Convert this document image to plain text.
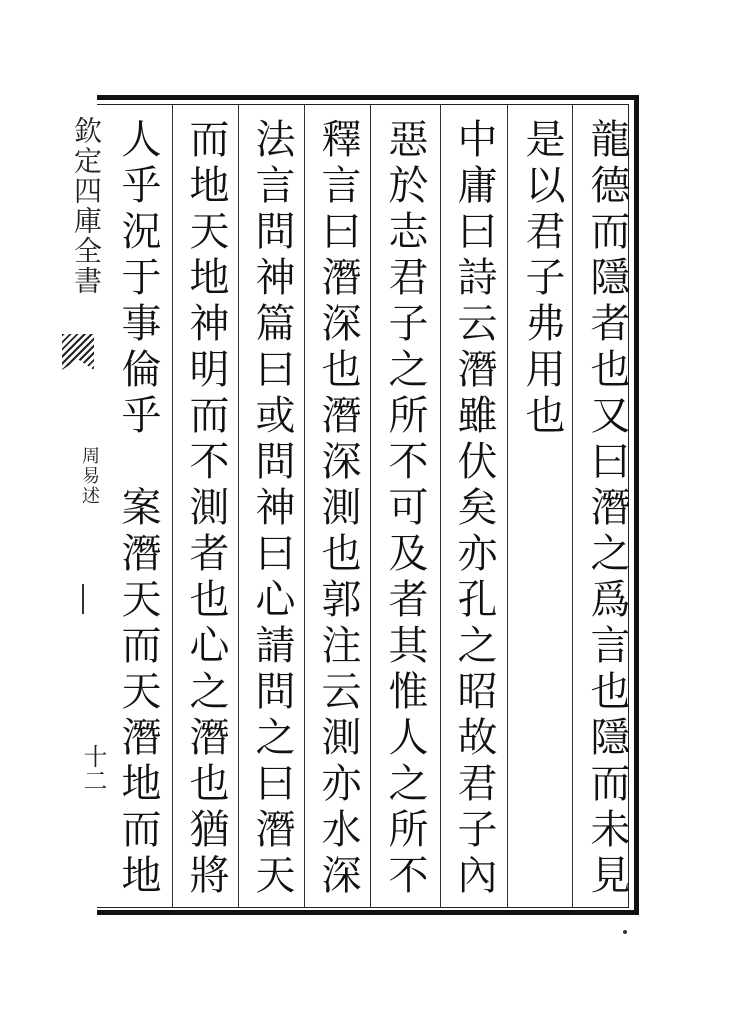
龍德而隱者也又曰潛之爲言也隱而未見
是以君子弗用也
中庸曰詩云潛雖伏矣亦孔之昭故君子內
惡於志君子之所不可及者其惟人之所不
釋言曰潛深也潛深測也郭注云測亦水深
法言問神篇曰或問神曰心請問之曰潛天
而地天地神明而不測者也心之潛也猶將
人乎況于事倫乎　案潛天而天潛地而地
欽定四庫全書
周易述
十二
